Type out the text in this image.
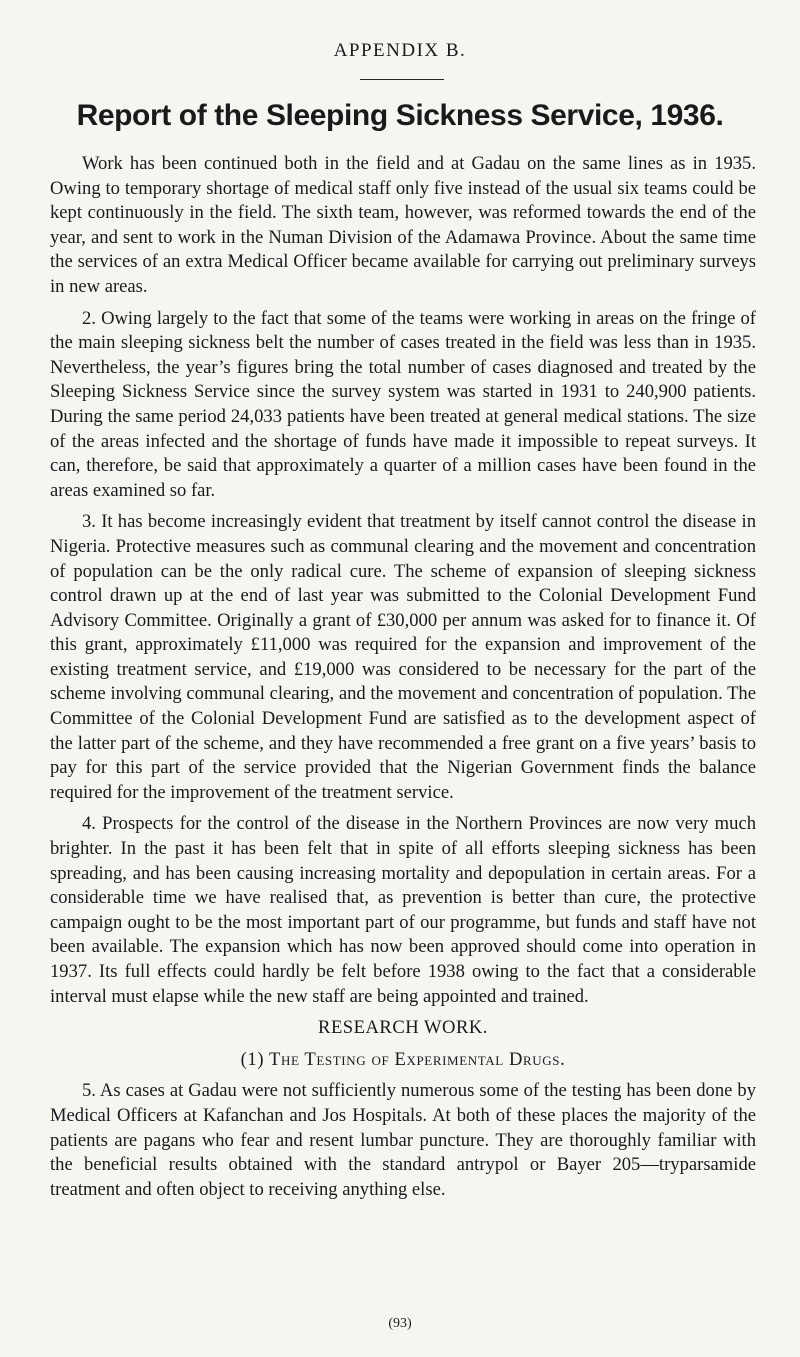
APPENDIX B.
Report of the Sleeping Sickness Service, 1936.

Work has been continued both in the field and at Gadau on the same lines as in 1935. Owing to temporary shortage of medical staff only five instead of the usual six teams could be kept continuously in the field. The sixth team, however, was reformed towards the end of the year, and sent to work in the Numan Division of the Adamawa Province. About the same time the services of an extra Medical Officer became available for carrying out preliminary surveys in new areas.

2. Owing largely to the fact that some of the teams were working in areas on the fringe of the main sleeping sickness belt the number of cases treated in the field was less than in 1935. Nevertheless, the year’s figures bring the total number of cases diagnosed and treated by the Sleeping Sickness Service since the survey system was started in 1931 to 240,900 patients. During the same period 24,033 patients have been treated at general medical stations. The size of the areas infected and the shortage of funds have made it impossible to repeat surveys. It can, therefore, be said that approximately a quarter of a million cases have been found in the areas examined so far.

3. It has become increasingly evident that treatment by itself cannot control the disease in Nigeria. Protective measures such as communal clearing and the movement and concentration of population can be the only radical cure. The scheme of expansion of sleeping sickness control drawn up at the end of last year was submitted to the Colonial Development Fund Advisory Committee. Originally a grant of £30,000 per annum was asked for to finance it. Of this grant, approximately £11,000 was required for the expansion and improvement of the existing treatment service, and £19,000 was considered to be necessary for the part of the scheme involving communal clearing, and the movement and concentration of population. The Committee of the Colonial Development Fund are satisfied as to the development aspect of the latter part of the scheme, and they have recommended a free grant on a five years’ basis to pay for this part of the service provided that the Nigerian Government finds the balance required for the improvement of the treatment service.

4. Prospects for the control of the disease in the Northern Provinces are now very much brighter. In the past it has been felt that in spite of all efforts sleeping sickness has been spreading, and has been causing increasing mortality and depopulation in certain areas. For a considerable time we have realised that, as prevention is better than cure, the protective campaign ought to be the most important part of our programme, but funds and staff have not been available. The expansion which has now been approved should come into operation in 1937. Its full effects could hardly be felt before 1938 owing to the fact that a considerable interval must elapse while the new staff are being appointed and trained.

RESEARCH WORK.
(1) The Testing of Experimental Drugs.

5. As cases at Gadau were not sufficiently numerous some of the testing has been done by Medical Officers at Kafanchan and Jos Hospitals. At both of these places the majority of the patients are pagans who fear and resent lumbar puncture. They are thoroughly familiar with the beneficial results obtained with the standard antrypol or Bayer 205—tryparsamide treatment and often object to receiving anything else.

(93)
